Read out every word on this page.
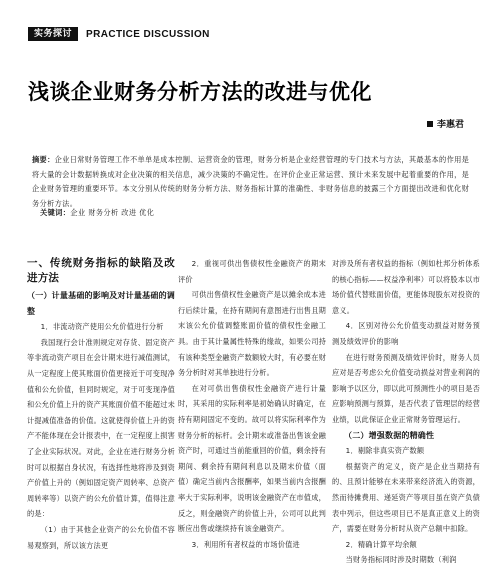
实务探讨	PRACTICE DISCUSSION
浅谈企业财务分析方法的改进与优化
李惠君
摘要：企业日常财务管理工作不单单是成本控制、运营资金的管理，财务分析是企业经营管理的专门技术与方法，其最基本的作用是将大量的会计数据转换成对企业决策的相关信息，减少决策的不确定性。在评价企业正常运营、预计未来发展中起着重要的作用，是企业财务管理的重要环节。本文分别从传统的财务分析方法、财务指标计算的准确性、非财务信息的披露三个方面提出改进和优化财务分析方法。
关键词：企业 财务分析 改进 优化
一、传统财务指标的缺陷及改进方法
（一）计量基础的影响及对计量基础的调整

1．非流动资产使用公允价值进行分析

我国现行会计准则规定对存货、固定资产等非流动资产项目在会计期末进行减值测试，从一定程度上使其账面价值更接近于可变现净值和公允价值，但同时规定，对于可变现净值和公允价值上升的资产其账面价值不能超过未计提减值准备的价值。这就使得价值上升的资产不能体现在会计报表中，在一定程度上损害了企业实际状况。对此，企业在进行财务分析时可以根据自身状况，有选择性地将涉及到资产价值上升的（例如固定资产周转率、总资产周转率等）以资产的公允价值计算，值得注意的是：

（1）由于其他企业资产的公允价值不容易观察到，所以该方法更

2．重视可供出售债权性金融资产的期末评价

可供出售债权性金融资产是以摊余成本进行后续计量，在持有期间有意图进行出售且期末该公允价值调整账面价值的债权性金融工具。由于其计量属性特殊的缘故，如果公司持有该种类型金融资产数额较大时，有必要在财务分析时对其单独进行分析。

在对可供出售债权性金融资产进行计量时，其采用的实际利率是初始确认时确定，在持有期间固定不变的。故可以将实际利率作为财务分析的标杆。会计期末或准备出售该金融资产时，可通过当前能重回的价值，剩余持有期间、剩余持有期间利息以及期末价值（面值）确定当前内含报酬率，如果当前内含报酬率大于实际利率，说明该金融资产在市值成，反之，则金融资产的价值上升，公司可以此判断应出售或继续持有该金融资产。

3．利用所有者权益的市场价值进

对涉及所有者权益的指标（例如杜邦分析体系的核心指标——权益净利率）可以将股本以市场价值代替账面价值，更能体现股东对投资的意义。

4．区别对待公允价值变动损益对财务预测及绩效评价的影响

在进行财务预测及绩效评价时，财务人员应对是否考虑公允价值变动损益对营业利润的影响予以区分，即以此可预测性小的项目是否应影响预测与预算，是否代表了管理层的经营业绩，以此保证企业正常财务管理运行。

（二）增强数据的精确性

1．剔除非真实资产数额

根据资产的定义，资产是企业当期持有的、且预计能够在未来带来经济流入的资源，然而待摊费用、递延资产等项目虽在资产负债表中列示，但这些项目已不是真正意义上的资产，需要在财务分析时从资产总额中扣除。

2．精确计算平均余额

当财务指标同时涉及时期数（利润
